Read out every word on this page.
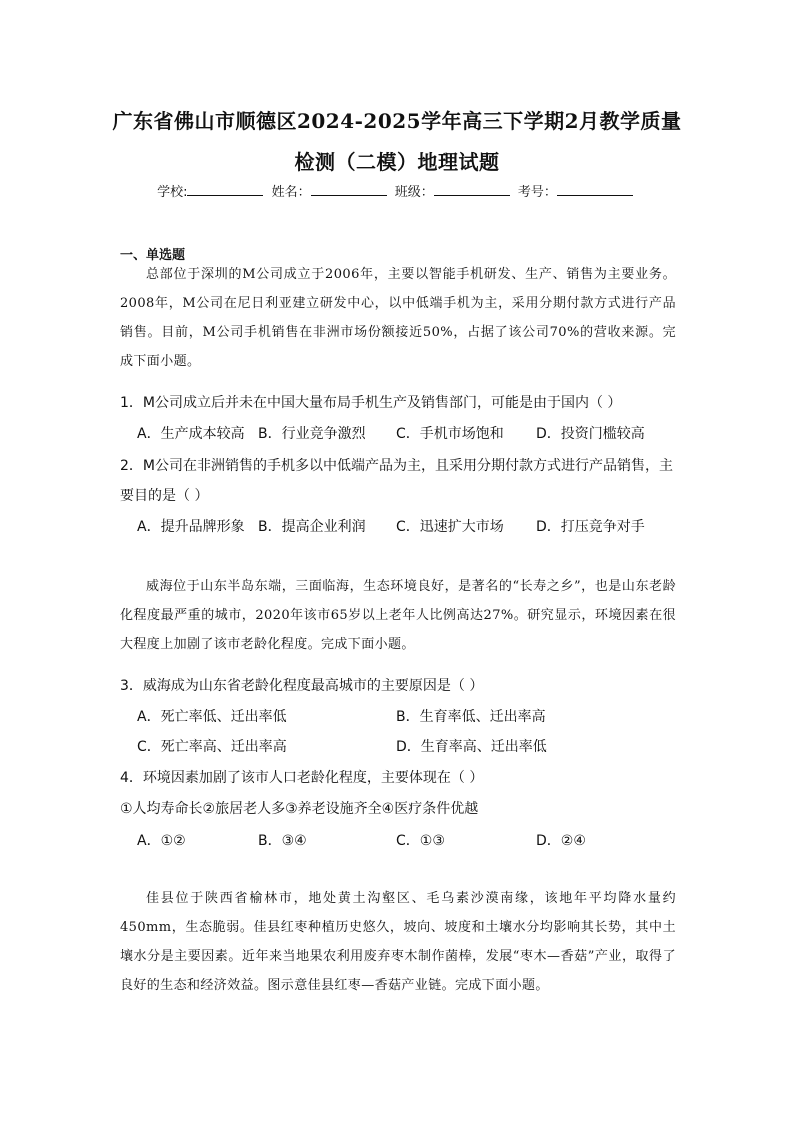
广东省佛山市顺德区2024-2025学年高三下学期2月教学质量
检测（二模）地理试题
学校:	姓名：	班级：	考号：
一、单选题
总部位于深圳的M公司成立于2006年，主要以智能手机研发、生产、销售为主要业务。2008年，M公司在尼日利亚建立研发中心，以中低端手机为主，采用分期付款方式进行产品销售。目前，M公司手机销售在非洲市场份额接近50%，占据了该公司70%的营收来源。完成下面小题。
1．M公司成立后并未在中国大量布局手机生产及销售部门，可能是由于国内（ ）
A．生产成本较高 B．行业竞争激烈 C．手机市场饱和 D．投资门槛较高
2．M公司在非洲销售的手机多以中低端产品为主，且采用分期付款方式进行产品销售，主要目的是（ ）
A．提升品牌形象 B．提高企业利润 C．迅速扩大市场 D．打压竞争对手
威海位于山东半岛东端，三面临海，生态环境良好，是著名的“长寿之乡”，也是山东老龄化程度最严重的城市，2020年该市65岁以上老年人比例高达27%。研究显示，环境因素在很大程度上加剧了该市老龄化程度。完成下面小题。
3．威海成为山东省老龄化程度最高城市的主要原因是（ ）
A．死亡率低、迁出率低	B．生育率低、迁出率高
C．死亡率高、迁出率高	D．生育率高、迁出率低
4．环境因素加剧了该市人口老龄化程度，主要体现在（ ）
①人均寿命长②旅居老人多③养老设施齐全④医疗条件优越
A．①②	B．③④	C．①③	D．②④
佳县位于陕西省榆林市，地处黄土沟壑区、毛乌素沙漠南缘，该地年平均降水量约450mm，生态脆弱。佳县红枣种植历史悠久，坡向、坡度和土壤水分均影响其长势，其中土壤水分是主要因素。近年来当地果农利用废弃枣木制作菌棒，发展“枣木—香菇”产业，取得了良好的生态和经济效益。图示意佳县红枣—香菇产业链。完成下面小题。
